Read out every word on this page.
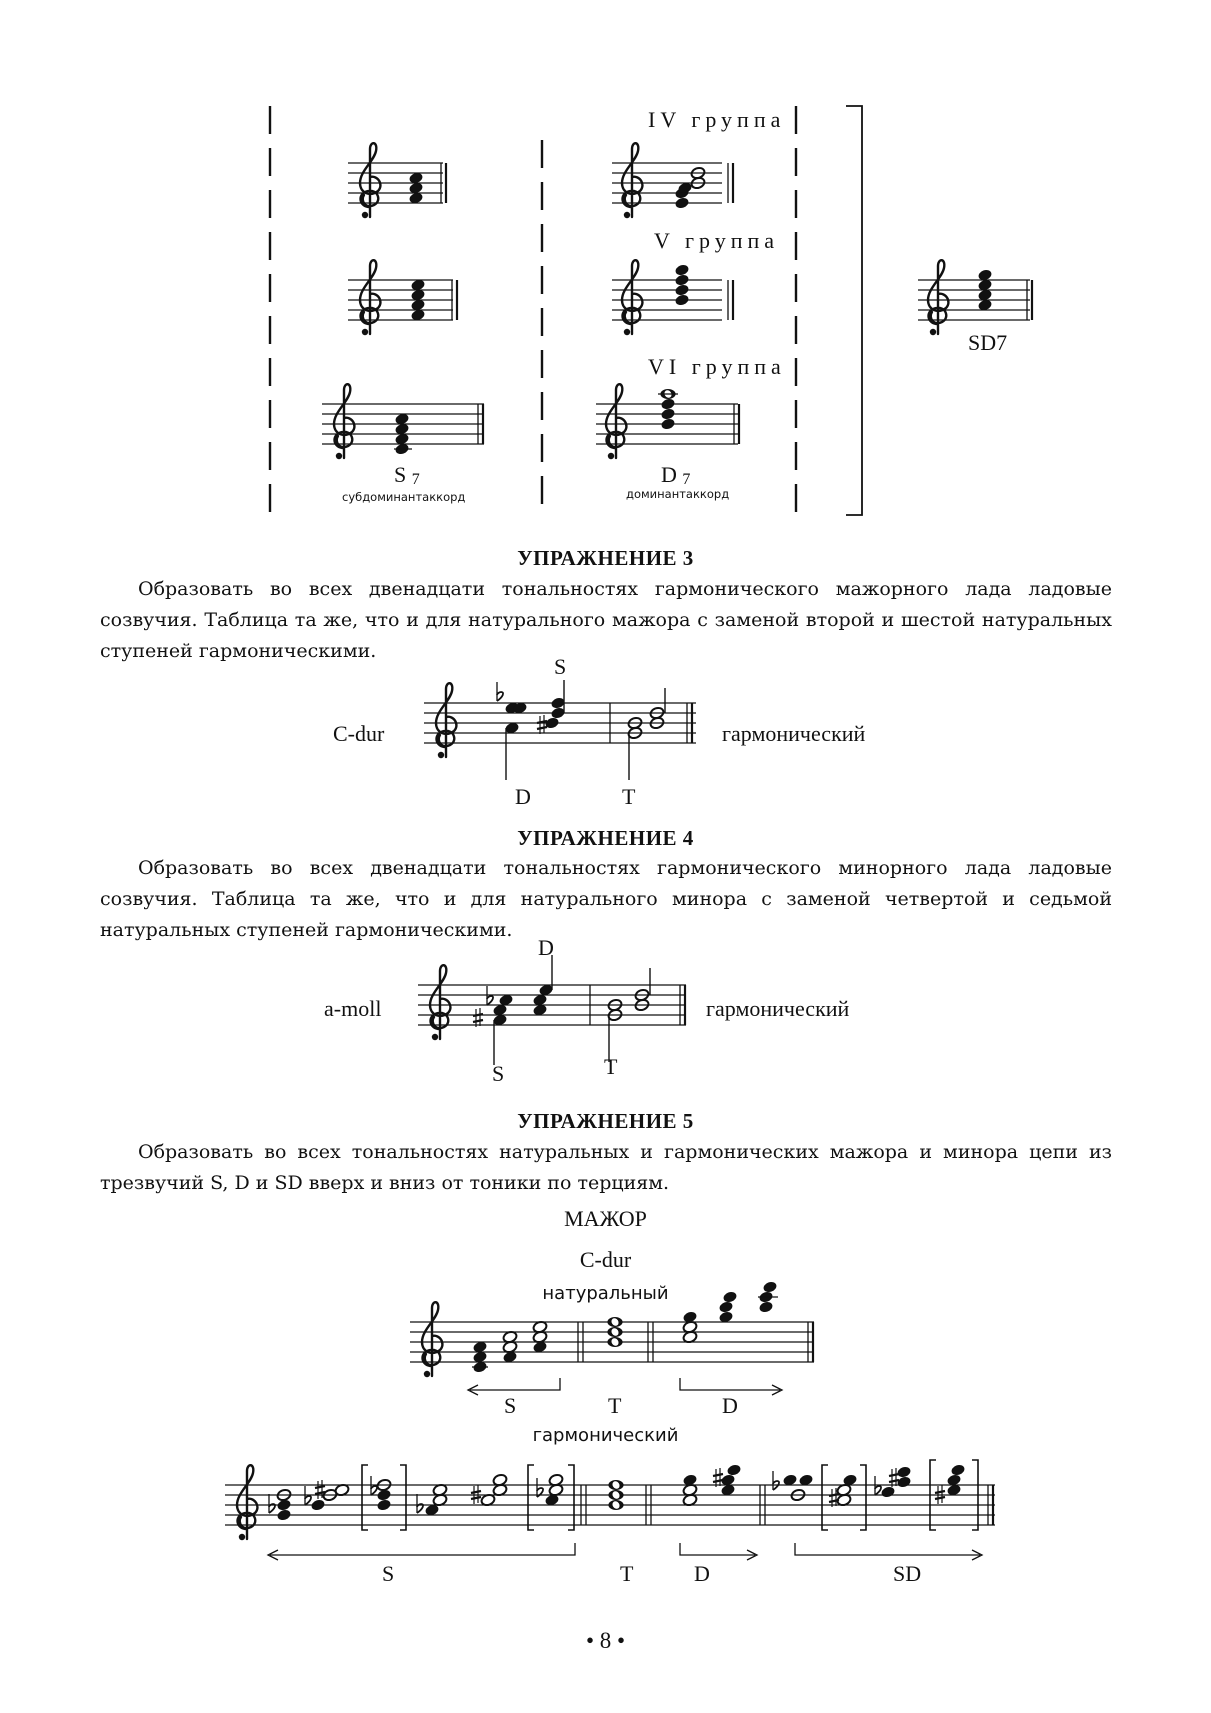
IV группа
V группа
VI группа
S 7
субдоминантаккорд
D 7
доминантаккорд
SD7
УПРАЖНЕНИЕ 3
Образовать во всех двенадцати тональностях гармонического мажорного лада ладовые созвучия. Таблица та же, что и для натурального мажора с заменой второй и шестой натуральных ступеней гармоническими.
C-dur	гармонический
S
D	T
УПРАЖНЕНИЕ 4
Образовать во всех двенадцати тональностях гармонического минорного лада ладовые созвучия. Таблица та же, что и для натурального минора с заменой четвертой и седьмой натуральных ступеней гармоническими.
a-moll	гармонический
D
S	T
УПРАЖНЕНИЕ 5
Образовать во всех тональностях натуральных и гармонических мажора и минора цепи из трезвучий S, D и SD вверх и вниз от тоники по терциям.
МАЖОР
C-dur
натуральный
S	T	D
гармонический
S	T	D	SD
• 8 •
